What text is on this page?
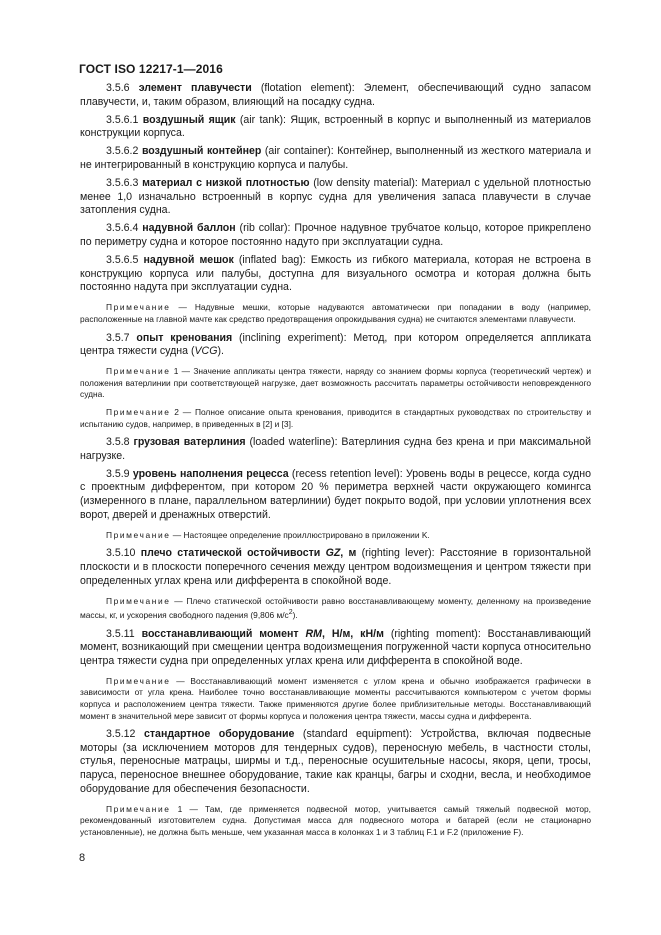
ГОСТ ISO 12217-1—2016

3.5.6 элемент плавучести (flotation element): Элемент, обеспечивающий судно запасом плавучести, и, таким образом, влияющий на посадку судна.

3.5.6.1 воздушный ящик (air tank): Ящик, встроенный в корпус и выполненный из материалов конструкции корпуса.

3.5.6.2 воздушный контейнер (air container): Контейнер, выполненный из жесткого материала и не интегрированный в конструкцию корпуса и палубы.

3.5.6.3 материал с низкой плотностью (low density material): Материал с удельной плотностью менее 1,0 изначально встроенный в корпус судна для увеличения запаса плавучести в случае затопления судна.

3.5.6.4 надувной баллон (rib collar): Прочное надувное трубчатое кольцо, которое прикреплено по периметру судна и которое постоянно надуто при эксплуатации судна.

3.5.6.5 надувной мешок (inflated bag): Емкость из гибкого материала, которая не встроена в конструкцию корпуса или палубы, доступна для визуального осмотра и которая должна быть постоянно надута при эксплуатации судна.

Примечание — Надувные мешки, которые надуваются автоматически при попадании в воду (например, расположенные на главной мачте как средство предотвращения опрокидывания судна) не считаются элементами плавучести.

3.5.7 опыт кренования (inclining experiment): Метод, при котором определяется аппликата центра тяжести судна (VCG).

Примечание 1 — Значение аппликаты центра тяжести, наряду со знанием формы корпуса (теоретический чертеж) и положения ватерлинии при соответствующей нагрузке, дает возможность рассчитать параметры остойчивости неповрежденного судна.

Примечание 2 — Полное описание опыта кренования, приводится в стандартных руководствах по строительству и испытанию судов, например, в приведенных в [2] и [3].

3.5.8 грузовая ватерлиния (loaded waterline): Ватерлиния судна без крена и при максимальной нагрузке.

3.5.9 уровень наполнения рецесса (recess retention level): Уровень воды в рецессе, когда судно с проектным дифферентом, при котором 20 % периметра верхней части окружающего комингса (измеренного в плане, параллельном ватерлинии) будет покрыто водой, при условии уплотнения всех ворот, дверей и дренажных отверстий.

Примечание — Настоящее определение проиллюстрировано в приложении K.

3.5.10 плечо статической остойчивости GZ, м (righting lever): Расстояние в горизонтальной плоскости и в плоскости поперечного сечения между центром водоизмещения и центром тяжести при определенных углах крена или дифферента в спокойной воде.

Примечание — Плечо статической остойчивости равно восстанавливающему моменту, деленному на произведение массы, кг, и ускорения свободного падения (9,806 $м/с^2$).

3.5.11 восстанавливающий момент RM, Н/м, кН/м (righting moment): Восстанавливающий момент, возникающий при смещении центра водоизмещения погруженной части корпуса относительно центра тяжести судна при определенных углах крена или дифферента в спокойной воде.

Примечание — Восстанавливающий момент изменяется с углом крена и обычно изображается графически в зависимости от угла крена. Наиболее точно восстанавливающие моменты рассчитываются компьютером с учетом формы корпуса и расположением центра тяжести. Также применяются другие более приблизительные методы. Восстанавливающий момент в значительной мере зависит от формы корпуса и положения центра тяжести, массы судна и дифферента.

3.5.12 стандартное оборудование (standard equipment): Устройства, включая подвесные моторы (за исключением моторов для тендерных судов), переносную мебель, в частности столы, стулья, переносные матрацы, ширмы и т.д., переносные осушительные насосы, якоря, цепи, тросы, паруса, переносное внешнее оборудование, такие как кранцы, багры и сходни, весла, и необходимое оборудование для обеспечения безопасности.

Примечание 1 — Там, где применяется подвесной мотор, учитывается самый тяжелый подвесной мотор, рекомендованный изготовителем судна. Допустимая масса для подвесного мотора и батарей (если не стационарно установленные), не должна быть меньше, чем указанная масса в колонках 1 и 3 таблиц F.1 и F.2 (приложение F).

8
